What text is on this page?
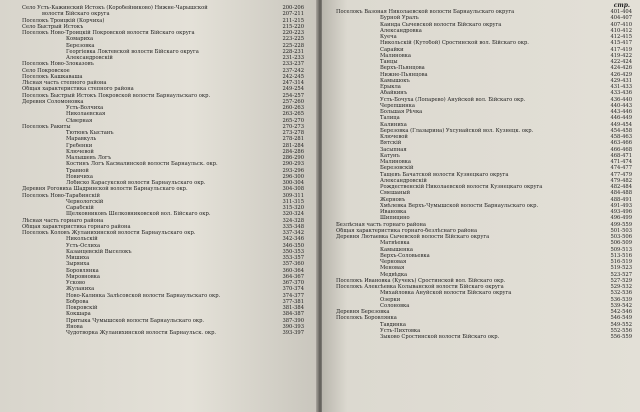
Село Усть-Кажинский Истокъ (Коробейниково) Нижне-Чарышской	200-206
волости Бійскаго округа	207-211
Поселокъ Троицкій (Корчиха)	211-215
Село Быстрый Истокъ	215-220
Поселокъ Ново-Троицкій Покровской волости Бійскаго округа	220-223
Комарихa	223-225
Березовка	225-228
Георгіевка Локтевской волости Бійскаго округа	228-231
Александровскій	231-233
Поселокъ Ново-Злоказовъ	233-237
Село Покровское	237-242
Поселокъ Кашкаваша	242-245
Лѣсная часть степного района	247-314
Общая характеристика степного района	249-254
Поселокъ Быстрый Истокъ Покровской волости Барнаульскаго окр.	254-257
Деревня Соломоновка	257-260
Усть-Волчиха	260-263
Николаевская	263-265
Сѣверная	265-270
Поселокъ Ракиты	270-273
Тютюнъ Кыстанъ	273-278
Маравкуль	278-281
Гребенки	281-284
Ключевой	284-286
Малышевъ Логъ	286-290
Костинъ Логъ Касмалинской волости Барнаульск. окр.	290-293
Травной	293-296
Новичиха	296-300
Лобиско Карасукской волости Барнаульскаго окр.	300-304
Деревня Роговиха Шадринской волости Барнаульскаго окр.	304-308
Поселокъ Ново-Тарабинскій	309-311
Чернологскій	311-315
Сарабскій	315-320
Щелковниковъ Шелковниковской вол. Бійскаго окр.	320-324
Лѣсная часть горнаго района	324-328
Общая характеристика горнаго района	335-348
Поселокъ Коловъ Жуланихинской волости Барнаульскаго окр.	337-342
Никольскій	342-346
Усть-Ослиха	346-350
Казанцевскій Выселокъ	350-353
Мишиха	353-357
Зыряиха	357-360
Боровлянка	360-364
Мировновка	364-367
Усково	367-370
Жуланихa	370-374
Ново-Калинка Залѣсовской волости Барнаульскаго окр.	374-377
Боброва	377-381
Покровскій	381-384
Кокшара	384-387
Притыка Чумышской волости Барнаульскаго окр.	387-390
Янова	390-393
Чудотворка Жуланихинской волости Барнаульск. окр.	393-397
стр.
Поселокъ Вазоная Николаевской волости Барнаульскаго округа	401-404
Бурной Уралъ	404-407
Каинда Сычевской волости Бійскаго округа	407-410
Александровка	410-412
Куеча	412-415
Никольскій (Кутобой) Сростинской вол. Бійскаго окр.	415-417
Сарайки	417-419
Малиновка	419-422
Танцы	422-424
Верхъ-Пьянцова	424-426
Нижне-Пьянцова	426-429
Камышокъ	429-431
Ерыкла	431-433
Абайкинъ	433-436
Усть-Бочуха (Лопарево) Ануйской вол. Бійскаго окр.	436-440
Черепшинка	440-443
Большая Рѣчка	443-446
Талица	446-449
Калиниха	449-454
Березовка (Глазырина) Ухсунайской вол. Кузнецк. окр.	454-458
Ключевой	458-463
Вятскій	463-466
Засыпная	466-468
Катунъ	468-471
Малиновка	471-474
Березовскій	474-477
Тащевъ Бачатской волости Кузнецкаго округа	477-479
Александровскій	479-482
Рождественскій Николаевской волости Кузнецкаго округа	482-484
Смешаный	484-488
Жерновъ	488-491
Хмѣлевка Верхъ-Чумышской волости Барнаульскаго окр.	491-493
Ивановка	493-496
Шипицино	496-499
Безлѣсная часть горнаго района	499-559
Общая характеристика горнаго-безлѣснаго района	501-503
Деревня Лютаевка Сычевской волости Бійскаго округа	503-506
Матвѣевка	506-509
Камышенка	509-513
Верхъ-Соловьевка	513-516
Черновая	516-519
Меновая	519-523
Медвѣдка	523-527
Поселокъ Ивановка (Кучекъ) Сростинской вол. Бійскаго окр.	527-529
Поселокъ Алексѣевка Колыванской волости Бійскаго округа	529-532
Михайловка Ануйской волости Бійскаго округа	532-536
Озерки	536-539
Солоновка	539-542
Деревня Березовка	542-546
Поселокъ Боровлянка	546-549
Тавдинка	549-552
Усть-Пихтовка	552-556
Зыково Сростинской волости Бійскаго окр.	556-559
